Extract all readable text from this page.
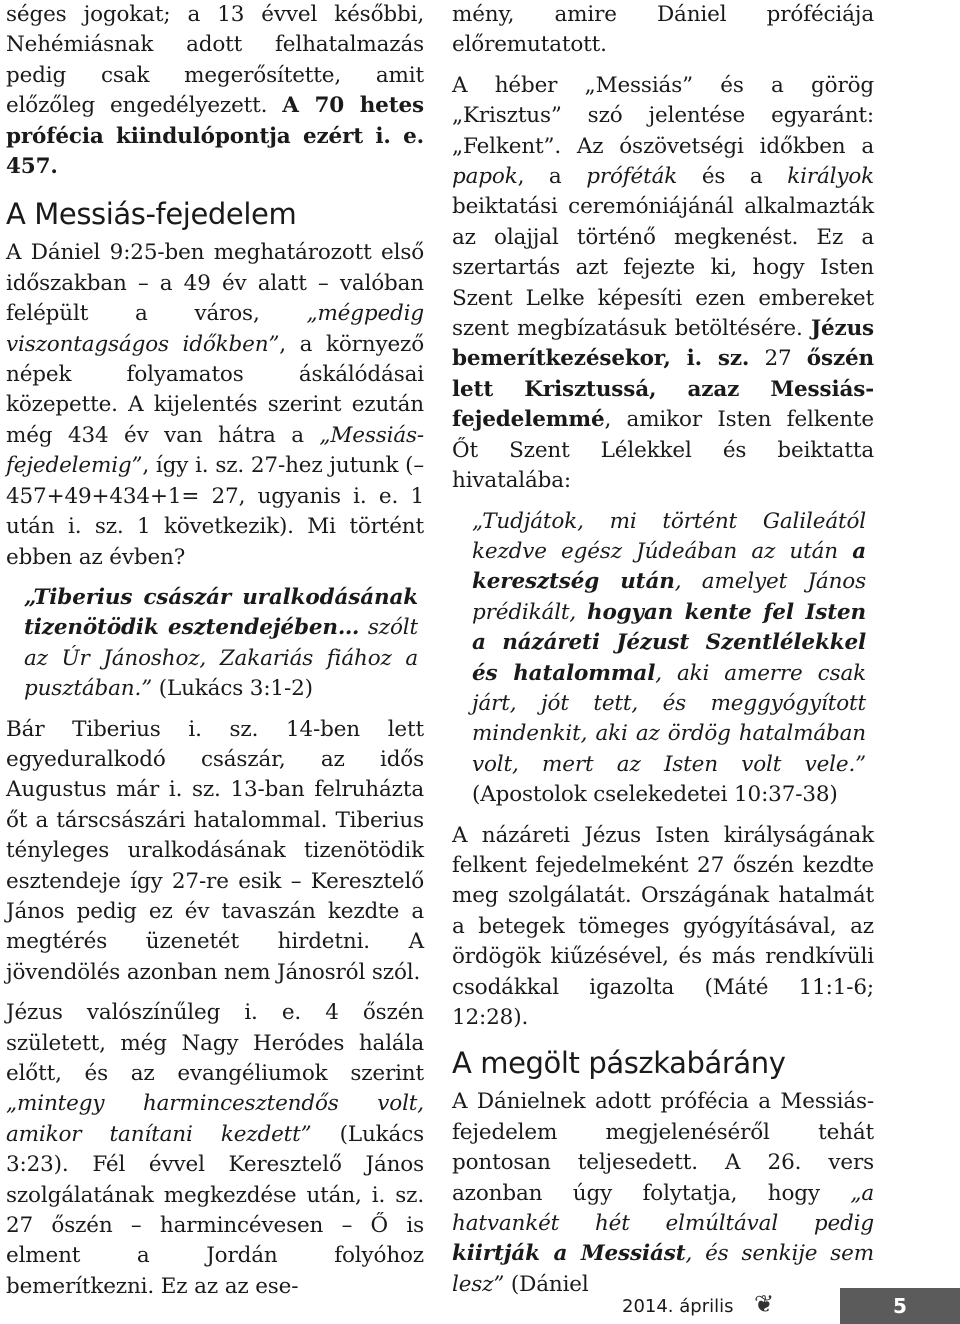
séges jogokat; a 13 évvel későbbi, Nehémiásnak adott felhatalmazás pedig csak megerősítette, amit előzőleg engedélyezett. A 70 hetes prófécia kiindulópontja ezért i. e. 457.

A Messiás-fejedelem

A Dániel 9:25-ben meghatározott első időszakban – a 49 év alatt – valóban felépült a város, „mégpedig viszontagságos időkben”, a környező népek folyamatos áskálódásai közepette. A kijelentés szerint ezután még 434 év van hátra a „Messiás-fejedelemig”, így i. sz. 27-hez jutunk (–457+49+434+1= 27, ugyanis i. e. 1 után i. sz. 1 következik). Mi történt ebben az évben?

„Tiberius császár uralkodásának tizenötödik esztendejében… szólt az Úr Jánoshoz, Zakariás fiához a pusztában.” (Lukács 3:1-2)

Bár Tiberius i. sz. 14-ben lett egyeduralkodó császár, az idős Augustus már i. sz. 13-ban felruházta őt a társcsászári hatalommal. Tiberius tényleges uralkodásának tizenötödik esztendeje így 27-re esik – Keresztelő János pedig ez év tavaszán kezdte a megtérés üzenetét hirdetni. A jövendölés azonban nem Jánosról szól.

Jézus valószínűleg i. e. 4 őszén született, még Nagy Heródes halála előtt, és az evangéliumok szerint „mintegy harmincesztendős volt, amikor tanítani kezdett” (Lukács 3:23). Fél évvel Keresztelő János szolgálatának megkezdése után, i. sz. 27 őszén – harmincévesen – Ő is elment a Jordán folyóhoz bemerítkezni. Ez az az ese-

mény, amire Dániel próféciája előremutatott.

A héber „Messiás” és a görög „Krisztus” szó jelentése egyaránt: „Felkent”. Az ószövetségi időkben a papok, a próféták és a királyok beiktatási ceremóniájánál alkalmazták az olajjal történő megkenést. Ez a szertartás azt fejezte ki, hogy Isten Szent Lelke képesíti ezen embereket szent megbízatásuk betöltésére. Jézus bemerítkezésekor, i. sz. 27 őszén lett Krisztussá, azaz Messiás-fejedelemmé, amikor Isten felkente Őt Szent Lélekkel és beiktatta hivatalába:

„Tudjátok, mi történt Galileától kezdve egész Júdeában az után a keresztség után, amelyet János prédikált, hogyan kente fel Isten a názáreti Jézust Szentlélekkel és hatalommal, aki amerre csak járt, jót tett, és meggyógyított mindenkit, aki az ördög hatalmában volt, mert az Isten volt vele.” (Apostolok cselekedetei 10:37-38)

A názáreti Jézus Isten királyságának felkent fejedelmeként 27 őszén kezdte meg szolgálatát. Országának hatalmát a betegek tömeges gyógyításával, az ördögök kiűzésével, és más rendkívüli csodákkal igazolta (Máté 11:1-6; 12:28).

A megölt pászkabárány

A Dánielnek adott prófécia a Messiás-fejedelem megjelenéséről tehát pontosan teljesedett. A 26. vers azonban úgy folytatja, hogy „a hatvankét hét elmúltával pedig kiirtják a Messiást, és senkije sem lesz” (Dániel

2014. április ❦	5
